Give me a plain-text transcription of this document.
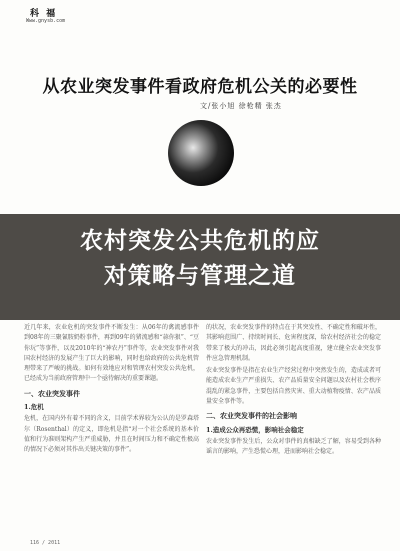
科 福
Www.gnysb.com
从农业突发事件看政府危机公关的必要性
文/张小旭 徐枪精 张杰

近几年来，农业危机的突发事件不断发生：从06年的禽流感事件到08年的三聚氰胺奶粉事件，再到09年的猪流感和“蒜你狠”、“豆你玩”等事件，以及2010年的“神农丹”事件等，农业突发事件对我国农村经济的发展产生了巨大的影响，同时也给政府的公共危机管理带来了严峻的挑战。如何有效地应对和管理农村突发公共危机，已经成为当前政府管理中一个亟待解决的重要课题。

一、农业突发事件
1.危机

危机，在国内外有着不同的含义，目前学术界较为公认的是罗森塔尔（Rosenthal）的定义，即危机是指“对一个社会系统的基本价值和行为准则架构产生严重威胁，并且在时间压力和不确定性极高的情况下必须对其作出关键决策的事件”。

的状况，农业突发事件的特点在于其突发性、不确定性和破坏性，其影响范围广、持续时间长、危害程度深，给农村经济社会的稳定带来了极大的冲击，因此必须引起高度重视，建立健全农业突发事件应急管理机制。

农业突发事件是指在农业生产经营过程中突然发生的，造成或者可能造成农业生产严重损失、农产品质量安全问题以及农村社会秩序混乱的紧急事件，主要包括自然灾害、重大动植物疫情、农产品质量安全事件等。

二、农业突发事件的社会影响
1.造成公众再恐慌，影响社会稳定

农业突发事件发生后，公众对事件的真相缺乏了解，容易受到各种谣言的影响，产生恐慌心理，进而影响社会稳定。

116 / 2011
农村突发公共危机的应
对策略与管理之道
